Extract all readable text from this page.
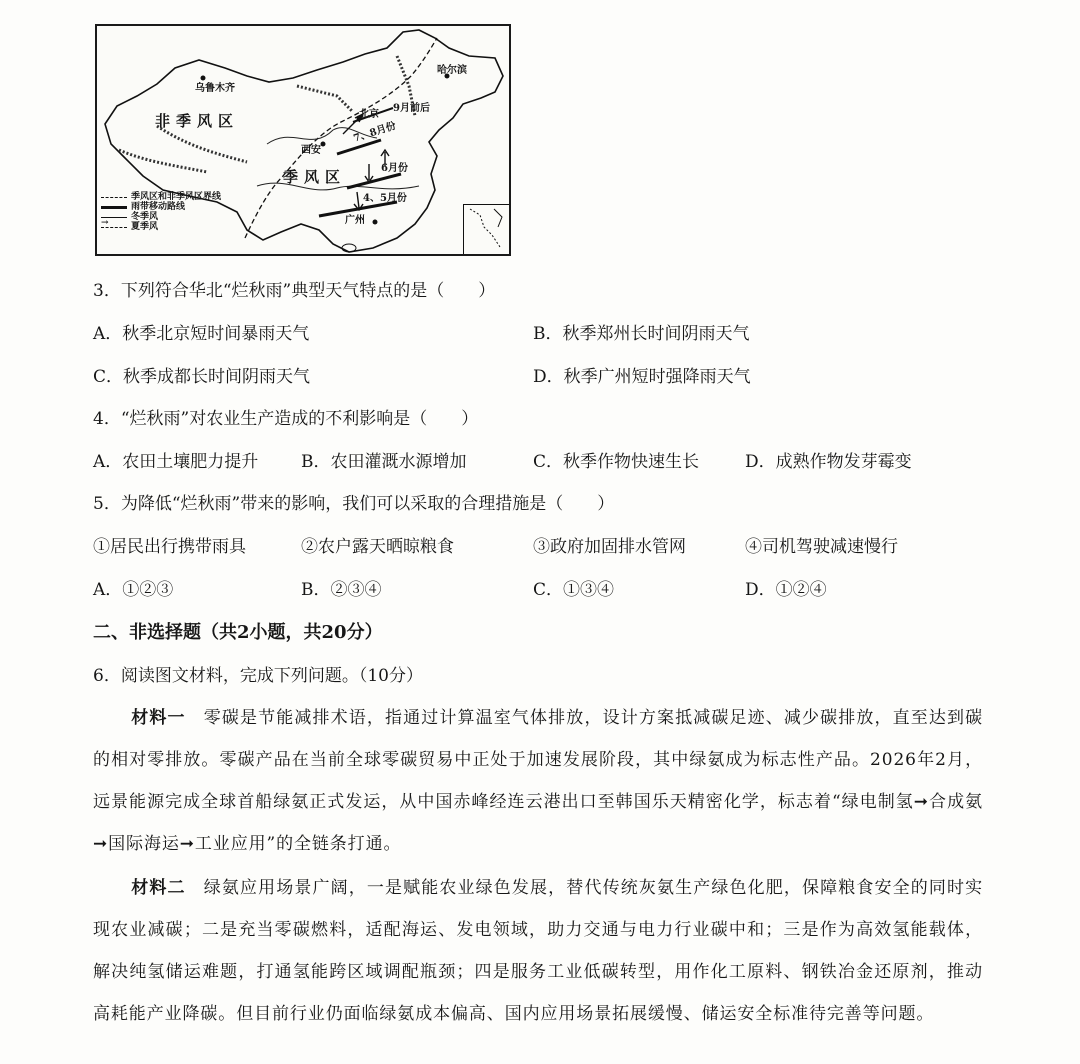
乌鲁木齐
哈尔滨
非季风区
季风区
西安
北京
广州
9月前后
7、8月份
6月份
4、5月份
季风区和非季风区界线
雨带移动路线
→
冬季风
夏季风
3．下列符合华北“烂秋雨”典型天气特点的是（　　）
A．秋季北京短时间暴雨天气	B．秋季郑州长时间阴雨天气
C．秋季成都长时间阴雨天气	D．秋季广州短时强降雨天气
4．“烂秋雨”对农业生产造成的不利影响是（　　）
A．农田土壤肥力提升	B．农田灌溉水源增加	C．秋季作物快速生长	D．成熟作物发芽霉变
5．为降低“烂秋雨”带来的影响，我们可以采取的合理措施是（　　）
①居民出行携带雨具	②农户露天晒晾粮食	③政府加固排水管网	④司机驾驶减速慢行
A．①②③	B．②③④	C．①③④	D．①②④
二、非选择题（共2小题，共20分）
6．阅读图文材料，完成下列问题。（10分）
材料一　 零碳是节能减排术语，指通过计算温室气体排放，设计方案抵减碳足迹、减少碳排放，直至达到碳的相对零排放。零碳产品在当前全球零碳贸易中正处于加速发展阶段，其中绿氨成为标志性产品。2026年2月，远景能源完成全球首船绿氨正式发运，从中国赤峰经连云港出口至韩国乐天精密化学，标志着“绿电制氢➞合成氨➞国际海运➞工业应用”的全链条打通。
材料二　 绿氨应用场景广阔，一是赋能农业绿色发展，替代传统灰氨生产绿色化肥，保障粮食安全的同时实现农业减碳；二是充当零碳燃料，适配海运、发电领域，助力交通与电力行业碳中和；三是作为高效氢能载体，解决纯氢储运难题，打通氢能跨区域调配瓶颈；四是服务工业低碳转型，用作化工原料、钢铁冶金还原剂，推动高耗能产业降碳。但目前行业仍面临绿氨成本偏高、国内应用场景拓展缓慢、储运安全标准待完善等问题。
